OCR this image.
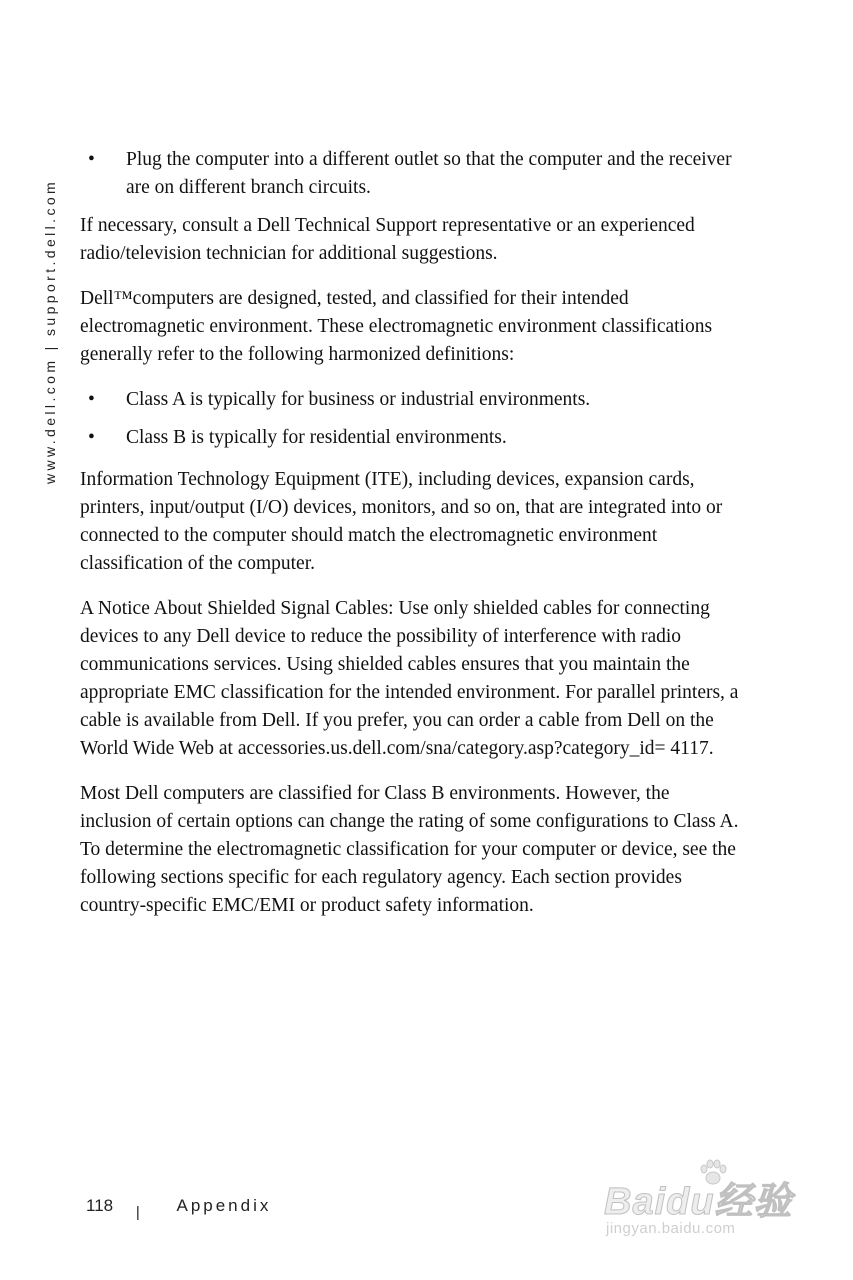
www.dell.com | support.dell.com
• Plug the computer into a different outlet so that the computer and the receiver are on different branch circuits.

If necessary, consult a Dell Technical Support representative or an experienced radio/television technician for additional suggestions.

Dell™computers are designed, tested, and classified for their intended electromagnetic environment. These electromagnetic environment classifications generally refer to the following harmonized definitions:

• Class A is typically for business or industrial environments.
• Class B is typically for residential environments.

Information Technology Equipment (ITE), including devices, expansion cards, printers, input/output (I/O) devices, monitors, and so on, that are integrated into or connected to the computer should match the electromagnetic environment classification of the computer.

A Notice About Shielded Signal Cables: Use only shielded cables for connecting devices to any Dell device to reduce the possibility of interference with radio communications services. Using shielded cables ensures that you maintain the appropriate EMC classification for the intended environment. For parallel printers, a cable is available from Dell. If you prefer, you can order a cable from Dell on the World Wide Web at accessories.us.dell.com/sna/category.asp?category_id= 4117.

Most Dell computers are classified for Class B environments. However, the inclusion of certain options can change the rating of some configurations to Class A. To determine the electromagnetic classification for your computer or device, see the following sections specific for each regulatory agency. Each section provides country-specific EMC/EMI or product safety information.

118 | Appendix	Baidu经验
jingyan.baidu.com
